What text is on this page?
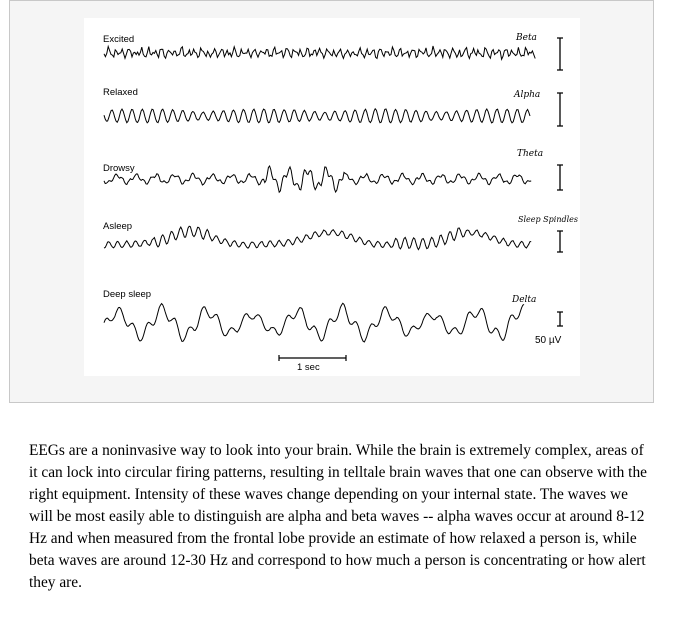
Excited	Beta
Relaxed	Alpha
Drowsy
Theta
Asleep
Sleep Spindles
Deep sleep	Delta
50 µV
1 sec

EEGs are a noninvasive way to look into your brain. While the brain is extremely complex, areas of it can lock into circular firing patterns, resulting in telltale brain waves that one can observe with the right equipment. Intensity of these waves change depending on your internal state. The waves we will be most easily able to distinguish are alpha and beta waves -- alpha waves occur at around 8-12 Hz and when measured from the frontal lobe provide an estimate of how relaxed a person is, while beta waves are around 12-30 Hz and correspond to how much a person is concentrating or how alert they are.
